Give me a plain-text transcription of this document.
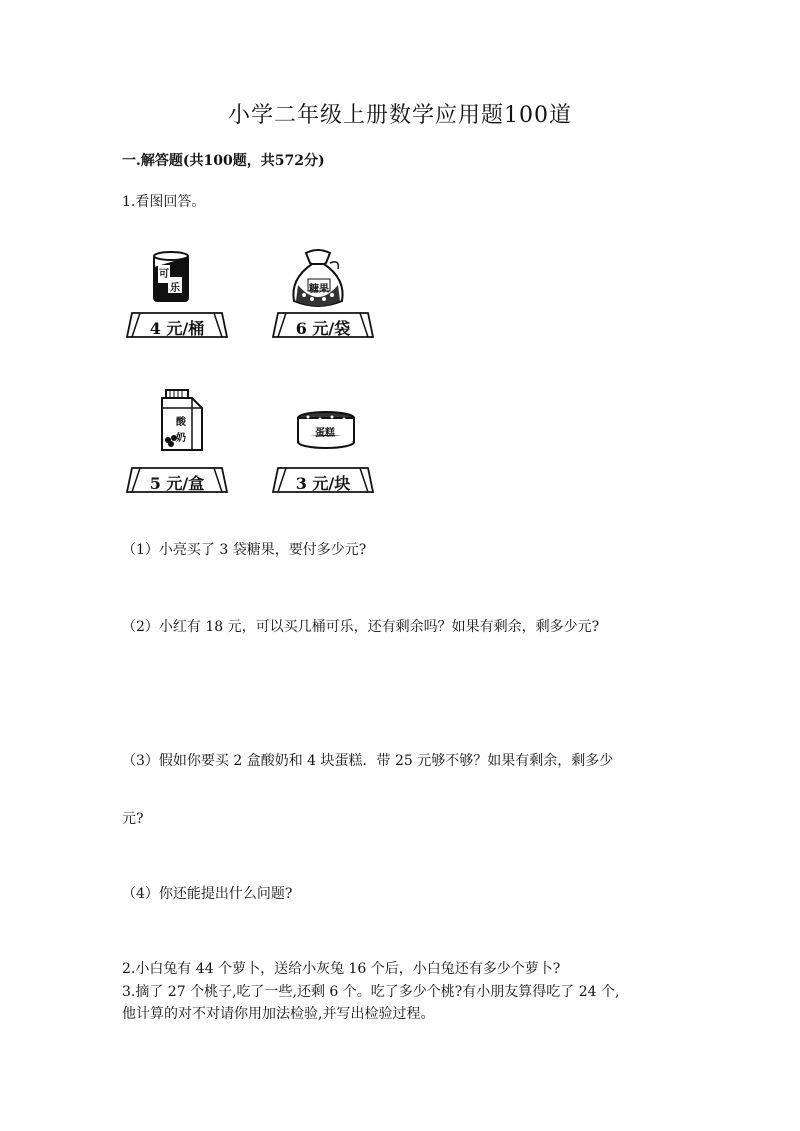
小学二年级上册数学应用题100道
一.解答题(共100题，共572分)
1.看图回答。
可
乐
4 元/桶
糖果
6 元/袋
酸
奶
5 元/盒
蛋糕
3 元/块
（1）小亮买了 3 袋糖果，要付多少元?
（2）小红有 18 元，可以买几桶可乐，还有剩余吗？如果有剩余，剩多少元?
（3）假如你要买 2 盒酸奶和 4 块蛋糕．带 25 元够不够？如果有剩余，剩多少
元?
（4）你还能提出什么问题?
2.小白兔有 44 个萝卜，送给小灰兔 16 个后，小白兔还有多少个萝卜?
3.摘了 27 个桃子,吃了一些,还剩 6 个。吃了多少个桃?有小朋友算得吃了 24 个,
他计算的对不对请你用加法检验,并写出检验过程。
